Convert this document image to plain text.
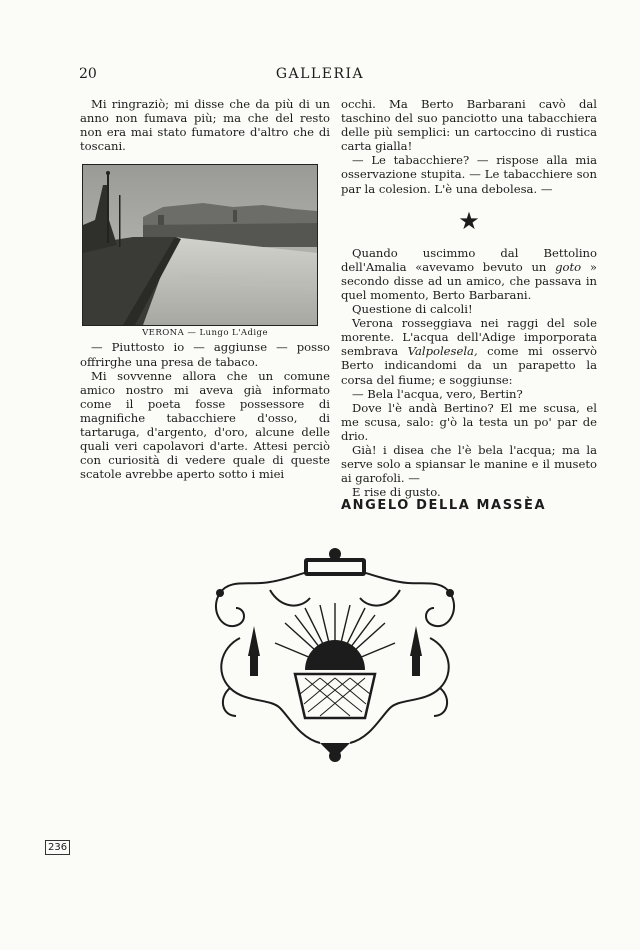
20	GALLERIA

Mi ringraziò; mi disse che da più di un anno non fumava più; ma che del resto non era mai stato fumatore d'altro che di toscani.

VERONA — Lungo L'Adige

— Piuttosto io — aggiunse — posso offrirghe una presa de tabaco.

Mi sovvenne allora che un comune amico nostro mi aveva già informato come il poeta fosse possessore di magnifiche tabacchiere d'osso, di tartaruga, d'argento, d'oro, alcune delle quali veri capolavori d'arte. Attesi perciò con curiosità di vedere quale di queste scatole avrebbe aperto sotto i miei

occhi. Ma Berto Barbarani cavò dal taschino del suo panciotto una tabacchiera delle più semplici: un cartoccino di rustica carta gialla!

— Le tabacchiere? — rispose alla mia osservazione stupita. — Le tabacchiere son par la colesion. L'è una debolesa. —

★

Quando uscimmo dal Bettolino dell'Amalia «avevamo bevuto un goto » secondo disse ad un amico, che passava in quel momento, Berto Barbarani.

Questione di calcoli!

Verona rosseggiava nei raggi del sole morente. L'acqua dell'Adige imporporata sembrava Valpolesela, come mi osservò Berto indicandomi da un parapetto la corsa del fiume; e soggiunse:

— Bela l'acqua, vero, Bertin?

Dove l'è andà Bertino? El me scusa, el me scusa, salo: g'ò la testa un po' par de drio.

Già! i disea che l'è bela l'acqua; ma la serve solo a spiansar le manine e il museto ai garofoli. —

E rise di gusto.

ANGELO DELLA MASSÈA

236
